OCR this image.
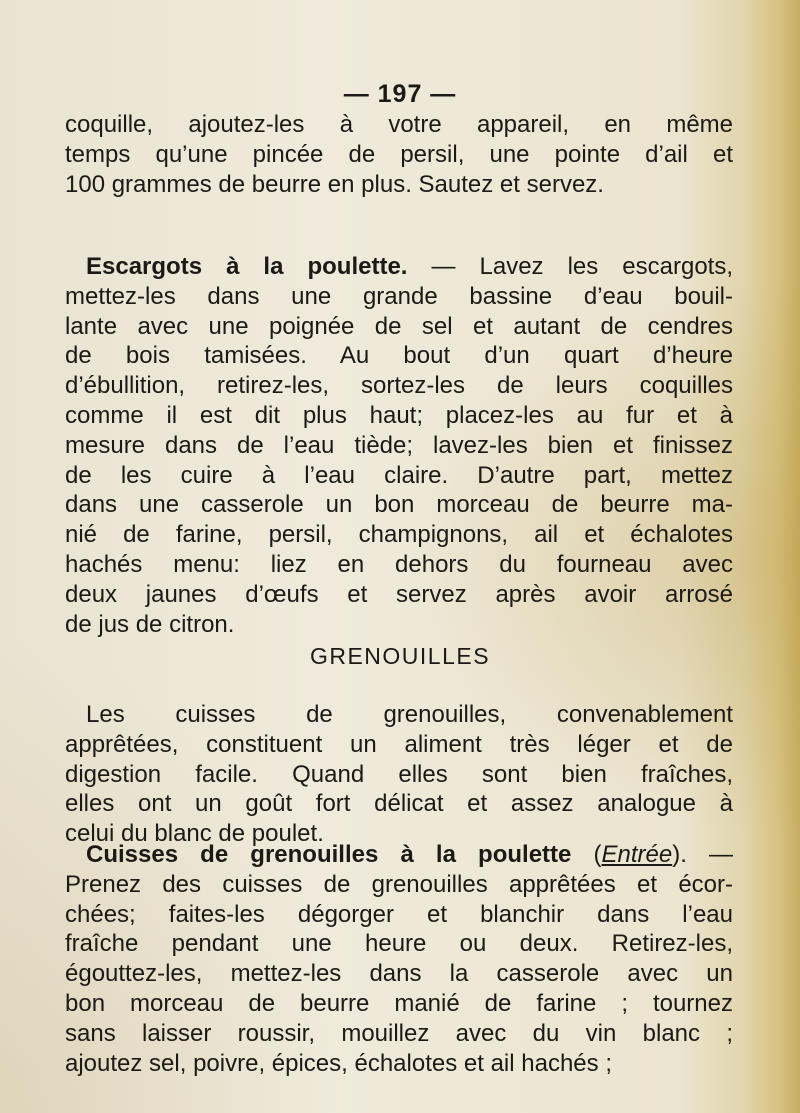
— 197 —

coquille, ajoutez-les à votre appareil, en même
temps qu’une pincée de persil, une pointe d’ail et
100 grammes de beurre en plus. Sautez et servez.

Escargots à la poulette. — Lavez les escargots,
mettez-les dans une grande bassine d’eau bouil-
lante avec une poignée de sel et autant de cendres
de bois tamisées. Au bout d’un quart d’heure
d’ébullition, retirez-les, sortez-les de leurs coquilles
comme il est dit plus haut; placez-les au fur et à
mesure dans de l’eau tiède; lavez-les bien et finissez
de les cuire à l’eau claire. D’autre part, mettez
dans une casserole un bon morceau de beurre ma-
nié de farine, persil, champignons, ail et échalotes
hachés menu: liez en dehors du fourneau avec
deux jaunes d’œufs et servez après avoir arrosé
de jus de citron.

GRENOUILLES

Les cuisses de grenouilles, convenablement
apprêtées, constituent un aliment très léger et de
digestion facile. Quand elles sont bien fraîches,
elles ont un goût fort délicat et assez analogue à
celui du blanc de poulet.

Cuisses de grenouilles à la poulette (Entrée). —
Prenez des cuisses de grenouilles apprêtées et écor-
chées; faites-les dégorger et blanchir dans l’eau
fraîche pendant une heure ou deux. Retirez-les,
égouttez-les, mettez-les dans la casserole avec un
bon morceau de beurre manié de farine ; tournez
sans laisser roussir, mouillez avec du vin blanc ;
ajoutez sel, poivre, épices, échalotes et ail hachés ;
